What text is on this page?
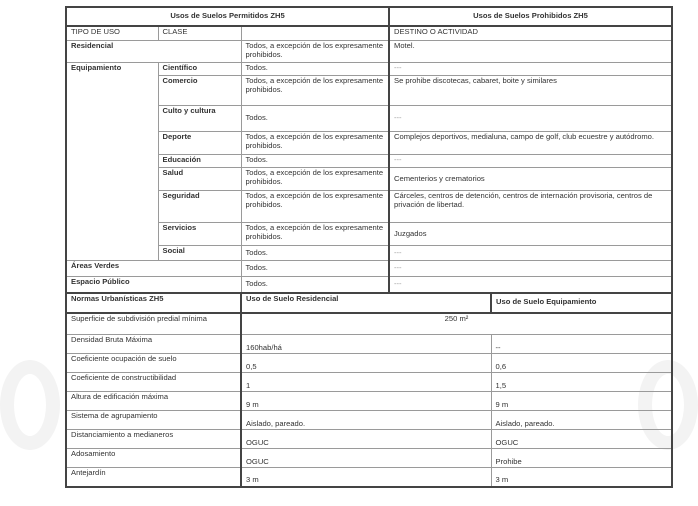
Usos de Suelos Permitidos ZH5			Usos de Suelos Prohibidos ZH5	
TIPO DE USO	CLASE		DESTINO O ACTIVIDAD	
Residencial		Todos, a excepción de los expresamente prohibidos.	Motel.	
Equipamiento	Científico	Todos.	---	
	Comercio	Todos, a excepción de los expresamente prohibidos.	Se prohibe discotecas, cabaret, boite y similares	
	Culto y cultura	Todos.	---	
	Deporte	Todos, a excepción de los expresamente prohibidos.	Complejos deportivos, medialuna, campo de golf, club ecuestre y autódromo.	
	Educación	Todos.	---	
	Salud	Todos, a excepción de los expresamente prohibidos.	Cementerios y crematorios	
	Seguridad	Todos, a excepción de los expresamente prohibidos.	Cárceles, centros de detención, centros de internación provisoria, centros de privación de libertad.	
	Servicios	Todos, a excepción de los expresamente prohibidos.	Juzgados	
	Social	Todos.	---	
Áreas Verdes		Todos.	---	
Espacio Público		Todos.	---	
Normas Urbanísticas ZH5		Uso de Suelo Residencial		Uso de Suelo Equipamiento
Superficie de subdivisión predial mínima		250 m²		
Densidad Bruta Máxima		160hab/há		--
Coeficiente ocupación de suelo		0,5		0,6
Coeficiente de constructibilidad		1		1,5
Altura de edificación máxima		9 m		9 m
Sistema de agrupamiento		Aislado, pareado.		Aislado, pareado.
Distanciamiento a medianeros		OGUC		OGUC
Adosamiento		OGUC		Prohibe
Antejardín		3 m		3 m
